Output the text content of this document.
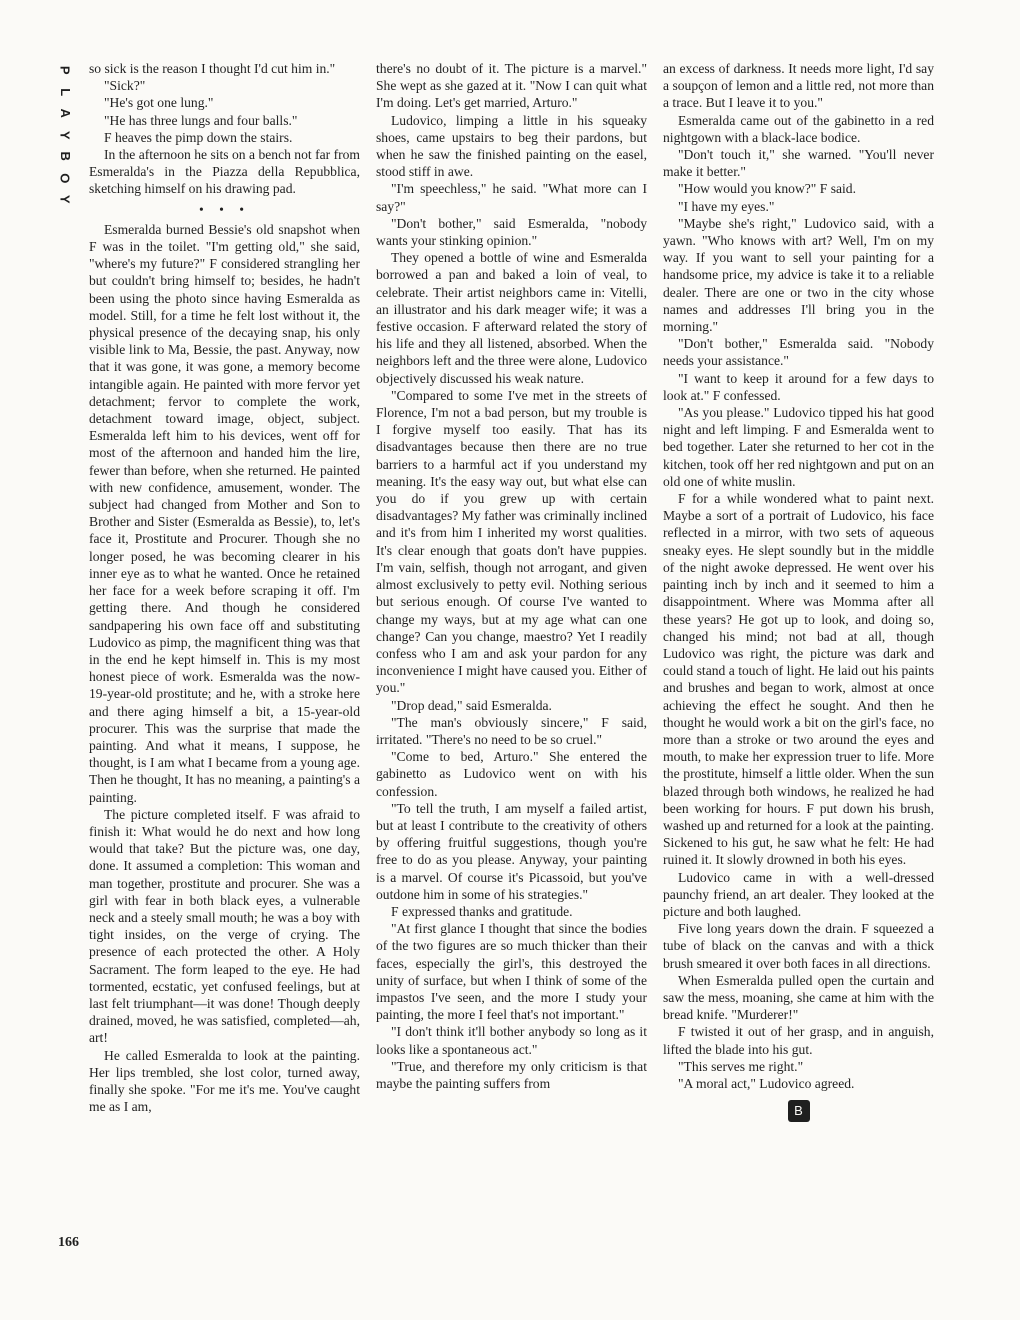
P
L
A
Y
B
O
Y

so sick is the reason I thought I'd cut him in."

"Sick?"

"He's got one lung."

"He has three lungs and four balls."

F heaves the pimp down the stairs.

In the afternoon he sits on a bench not far from Esmeralda's in the Piazza della Repubblica, sketching himself on his drawing pad.

• • •

Esmeralda burned Bessie's old snapshot when F was in the toilet. "I'm getting old," she said, "where's my future?" F considered strangling her but couldn't bring himself to; besides, he hadn't been using the photo since having Esmeralda as model. Still, for a time he felt lost without it, the physical presence of the decaying snap, his only visible link to Ma, Bessie, the past. Anyway, now that it was gone, it was gone, a memory become intangible again. He painted with more fervor yet detachment; fervor to complete the work, detachment toward image, object, subject. Esmeralda left him to his devices, went off for most of the afternoon and handed him the lire, fewer than before, when she returned. He painted with new confidence, amusement, wonder. The subject had changed from Mother and Son to Brother and Sister (Esmeralda as Bessie), to, let's face it, Prostitute and Procurer. Though she no longer posed, he was becoming clearer in his inner eye as to what he wanted. Once he retained her face for a week before scraping it off. I'm getting there. And though he considered sandpapering his own face off and substituting Ludovico as pimp, the magnificent thing was that in the end he kept himself in. This is my most honest piece of work. Esmeralda was the now-19-year-old prostitute; and he, with a stroke here and there aging himself a bit, a 15-year-old procurer. This was the surprise that made the painting. And what it means, I suppose, he thought, is I am what I became from a young age. Then he thought, It has no meaning, a painting's a painting.

The picture completed itself. F was afraid to finish it: What would he do next and how long would that take? But the picture was, one day, done. It assumed a completion: This woman and man together, prostitute and procurer. She was a girl with fear in both black eyes, a vulnerable neck and a steely small mouth; he was a boy with tight insides, on the verge of crying. The presence of each protected the other. A Holy Sacrament. The form leaped to the eye. He had tormented, ecstatic, yet confused feelings, but at last felt triumphant—it was done! Though deeply drained, moved, he was satisfied, completed—ah, art!

He called Esmeralda to look at the painting. Her lips trembled, she lost color, turned away, finally she spoke. "For me it's me. You've caught me as I am,

there's no doubt of it. The picture is a marvel." She wept as she gazed at it. "Now I can quit what I'm doing. Let's get married, Arturo."

Ludovico, limping a little in his squeaky shoes, came upstairs to beg their pardons, but when he saw the finished painting on the easel, stood stiff in awe.

"I'm speechless," he said. "What more can I say?"

"Don't bother," said Esmeralda, "nobody wants your stinking opinion."

They opened a bottle of wine and Esmeralda borrowed a pan and baked a loin of veal, to celebrate. Their artist neighbors came in: Vitelli, an illustrator and his dark meager wife; it was a festive occasion. F afterward related the story of his life and they all listened, absorbed. When the neighbors left and the three were alone, Ludovico objectively discussed his weak nature.

"Compared to some I've met in the streets of Florence, I'm not a bad person, but my trouble is I forgive myself too easily. That has its disadvantages because then there are no true barriers to a harmful act if you understand my meaning. It's the easy way out, but what else can you do if you grew up with certain disadvantages? My father was criminally inclined and it's from him I inherited my worst qualities. It's clear enough that goats don't have puppies. I'm vain, selfish, though not arrogant, and given almost exclusively to petty evil. Nothing serious but serious enough. Of course I've wanted to change my ways, but at my age what can one change? Can you change, maestro? Yet I readily confess who I am and ask your pardon for any inconvenience I might have caused you. Either of you."

"Drop dead," said Esmeralda.

"The man's obviously sincere," F said, irritated. "There's no need to be so cruel."

"Come to bed, Arturo." She entered the gabinetto as Ludovico went on with his confession.

"To tell the truth, I am myself a failed artist, but at least I contribute to the creativity of others by offering fruitful suggestions, though you're free to do as you please. Anyway, your painting is a marvel. Of course it's Picassoid, but you've outdone him in some of his strategies."

F expressed thanks and gratitude.

"At first glance I thought that since the bodies of the two figures are so much thicker than their faces, especially the girl's, this destroyed the unity of surface, but when I think of some of the impastos I've seen, and the more I study your painting, the more I feel that's not important."

"I don't think it'll bother anybody so long as it looks like a spontaneous act."

"True, and therefore my only criticism is that maybe the painting suffers from

an excess of darkness. It needs more light, I'd say a soupçon of lemon and a little red, not more than a trace. But I leave it to you."

Esmeralda came out of the gabinetto in a red nightgown with a black-lace bodice.

"Don't touch it," she warned. "You'll never make it better."

"How would you know?" F said.

"I have my eyes."

"Maybe she's right," Ludovico said, with a yawn. "Who knows with art? Well, I'm on my way. If you want to sell your painting for a handsome price, my advice is take it to a reliable dealer. There are one or two in the city whose names and addresses I'll bring you in the morning."

"Don't bother," Esmeralda said. "Nobody needs your assistance."

"I want to keep it around for a few days to look at." F confessed.

"As you please." Ludovico tipped his hat good night and left limping. F and Esmeralda went to bed together. Later she returned to her cot in the kitchen, took off her red nightgown and put on an old one of white muslin.

F for a while wondered what to paint next. Maybe a sort of a portrait of Ludovico, his face reflected in a mirror, with two sets of aqueous sneaky eyes. He slept soundly but in the middle of the night awoke depressed. He went over his painting inch by inch and it seemed to him a disappointment. Where was Momma after all these years? He got up to look, and doing so, changed his mind; not bad at all, though Ludovico was right, the picture was dark and could stand a touch of light. He laid out his paints and brushes and began to work, almost at once achieving the effect he sought. And then he thought he would work a bit on the girl's face, no more than a stroke or two around the eyes and mouth, to make her expression truer to life. More the prostitute, himself a little older. When the sun blazed through both windows, he realized he had been working for hours. F put down his brush, washed up and returned for a look at the painting. Sickened to his gut, he saw what he felt: He had ruined it. It slowly drowned in both his eyes.

Ludovico came in with a well-dressed paunchy friend, an art dealer. They looked at the picture and both laughed.

Five long years down the drain. F squeezed a tube of black on the canvas and with a thick brush smeared it over both faces in all directions.

When Esmeralda pulled open the curtain and saw the mess, moaning, she came at him with the bread knife. "Murderer!"

F twisted it out of her grasp, and in anguish, lifted the blade into his gut.

"This serves me right."

"A moral act," Ludovico agreed.

B
166
